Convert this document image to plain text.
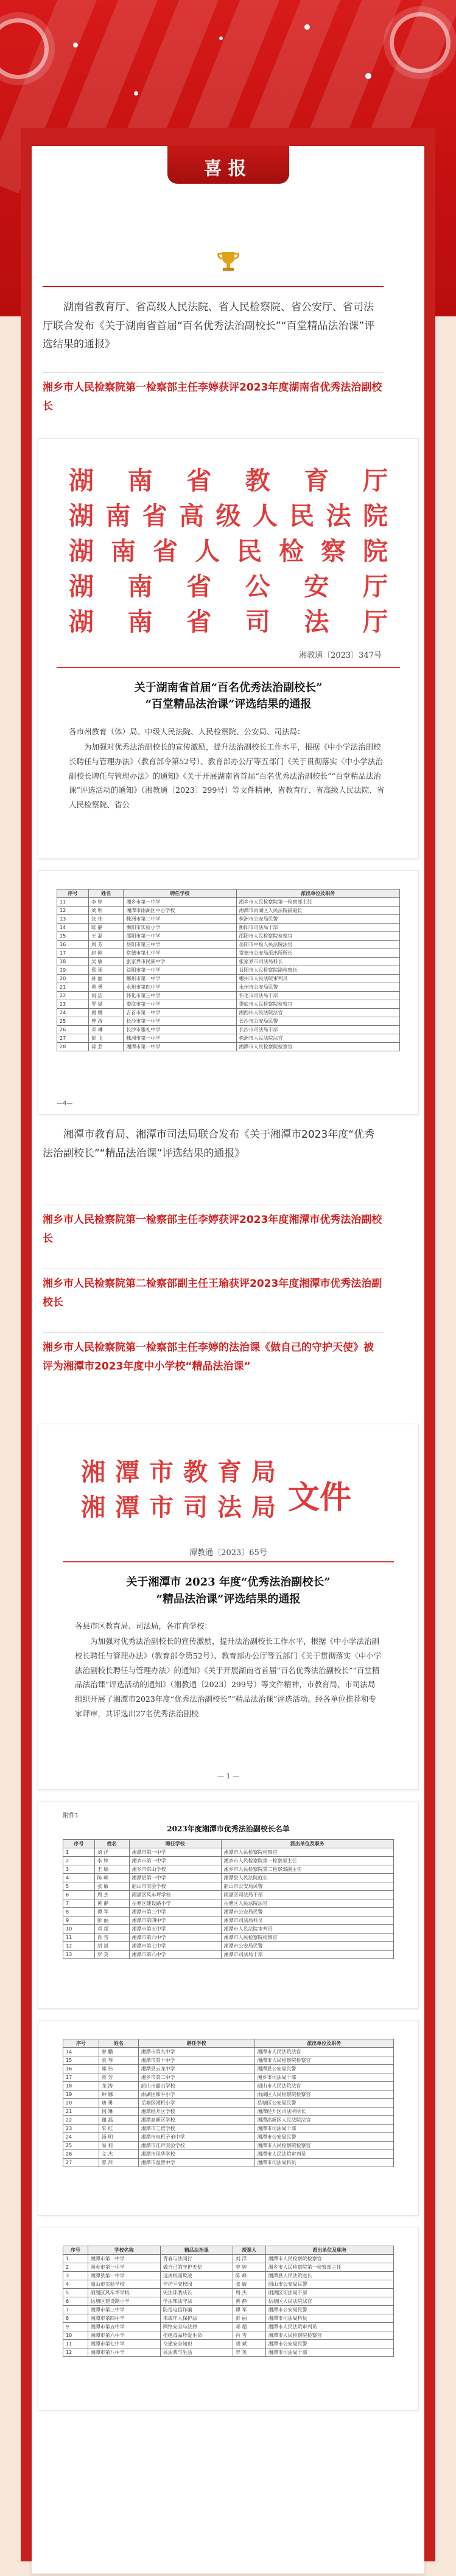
喜报
湖南省教育厅、省高级人民法院、省人民检察院、省公安厅、省司法厅联合发布《关于湖南省首届“百名优秀法治副校长”“百堂精品法治课”评选结果的通报》
湘乡市人民检察院第一检察部主任李婷获评2023年度湖南省优秀法治副校长
湖 南 省 教 育 厅
湖南省高级人民法院
湖南省人民检察院
湖 南 省 公 安 厅
湖 南 省 司 法 厅
湘教通〔2023〕347号
关于湖南省首届“百名优秀法治副校长”
“百堂精品法治课”评选结果的通报
各市州教育（体）局、中级人民法院、人民检察院、公安局、司法局：
为加强对优秀法治副校长的宣传激励，提升法治副校长工作水平，根据《中小学法治副校长聘任与管理办法》（教育部令第52号）、教育部办公厅等五部门《关于贯彻落实〈中小学法治副校长聘任与管理办法〉的通知》《关于开展湖南省首届“百名优秀法治副校长”“百堂精品法治课”评选活动的通知》（湘教通〔2023〕299号）等文件精神，省教育厅、省高级人民法院、省人民检察院、省公
序号	姓名	聘任学校	派出单位及职务
11	李 婷	湘乡市第一中学	湘乡市人民检察院第一检察部主任
12	刘 明	湘潭市雨湖区中心学校	湘潭市雨湖区人民法院副庭长
13	张 伟	株洲市第二中学	株洲市公安局民警
14	陈 静	衡阳市实验小学	衡阳市司法局干部
15	王 磊	邵阳市第一中学	邵阳市人民检察院检察官
16	周 芳	岳阳市第三中学	岳阳市中级人民法院法官
17	赵 刚	常德市第七中学	常德市公安局派出所所长
18	吴 敏	张家界市民族中学	张家界市司法局科长
19	郑 强	益阳市第一中学	益阳市人民检察院副检察长
20	孙 丽	郴州市第一中学	郴州市人民法院审判员
21	黄 勇	永州市第四中学	永州市公安局民警
22	何 洁	怀化市第三中学	怀化市司法局干部
23	罗 斌	娄底市第一中学	娄底市人民检察院检察官
24	谢 娜	吉首市第一中学	湘西州人民法院法官
25	曾 涛	长沙市第一中学	长沙市公安局民警
26	邓 琳	长沙市雅礼中学	长沙市司法局干部
27	彭 飞	株洲市第一中学	株洲市人民法院法官
28	蒋 芸	湘潭市第一中学	湘潭市人民检察院检察官
—4—
湘潭市教育局、湘潭市司法局联合发布《关于湘潭市2023年度“优秀法治副校长”“精品法治课”评选结果的通报》
湘乡市人民检察院第一检察部主任李婷获评2023年度湘潭市优秀法治副校长
湘乡市人民检察院第二检察部副主任王瑜获评2023年度湘潭市优秀法治副校长
湘乡市人民检察院第一检察部主任李婷的法治课《做自己的守护天使》被评为湘潭市2023年度中小学校“精品法治课”
湘潭市教育局
湘潭市司法局 文件
潭教通〔2023〕65号
关于湘潭市 2023 年度“优秀法治副校长”
“精品法治课”评选结果的通报
各县市区教育局、司法局，各市直学校：
为加强对优秀法治副校长的宣传激励，提升法治副校长工作水平，根据《中小学法治副校长聘任与管理办法》（教育部令第52号）、教育部办公厅等五部门《关于贯彻落实〈中小学法治副校长聘任与管理办法〉的通知》《关于开展湖南省首届“百名优秀法治副校长”“百堂精品法治课”评选活动的通知》（湘教通〔2023〕299号）等文件精神，市教育局、市司法局组织开展了湘潭市2023年度“优秀法治副校长”“精品法治课”评选活动。经各单位推荐和专家评审，共评选出27名优秀法治副校
— 1 —
附件1
2023年度湘潭市优秀法治副校长名单
序号	姓名	聘任学校	派出单位及职务
1	刘 洋	湘潭市第一中学	湘潭市人民检察院检察官
2	李 婷	湘乡市第一中学	湘乡市人民检察院第一检察部主任
3	王 瑜	湘乡市东山学校	湘乡市人民检察院第二检察部副主任
4	陈 峰	湘潭县第一中学	湘潭县人民法院庭长
5	张 敏	韶山市实验学校	韶山市公安局民警
6	周 杰	雨湖区风车坪学校	雨湖区司法局干部
7	黄 静	岳塘区建设路小学	岳塘区人民法院法官
8	谭 军	湘潭市第三中学	湘潭市公安局民警
9	彭 丽	湘潭市第四中学	湘潭市司法局科员
10	邓 超	湘潭市第五中学	湘潭市人民法院审判员
11	肖 雪	湘潭市第六中学	湘潭市人民检察院检察官
12	胡 斌	湘潭市第七中学	湘潭市公安局民警
13	罗 英	湘潭市第八中学	湘潭市司法局干部
序号	姓名	聘任学校	派出单位及职务
14	曾 鹏	湘潭市第九中学	湘潭市人民法院法官
15	袁 琴	湘潭市第十中学	湘潭市人民检察院检察官
16	熊 伟	湘潭县云龙中学	湘潭县公安局民警
17	蒋 芳	湘乡市第二中学	湘乡市司法局干部
18	龙 涛	韶山市韶山学校	韶山市人民法院法官
19	钟 娜	雨湖区和平小学	雨湖区人民检察院检察官
20	唐 勇	岳塘区湘机小学	岳塘区公安局民警
21	何 琳	湘潭经开区学校	湘潭经开区司法所所长
22	谢 磊	湘潭高新区学校	湘潭高新区人民法院法官
23	朱 红	湘潭市工贸学校	湘潭市司法局干部
24	汤 明	湘潭市电机子弟中学	湘潭市公安局民警
25	易 莉	湘潭市江声实验学校	湘潭市人民检察院检察官
26	文 杰	湘潭市风华学校	湘潭市人民法院审判员
27	廖 萍	湘潭市益智中学	湘潭市司法局科员
序号	学校名称	精品法治课	授课人	派出单位及职务
1	湘潭市第一中学	青春与法同行	刘 洋	湘潭市人民检察院检察官
2	湘乡市第一中学	做自己的守护天使	李 婷	湘乡市人民检察院第一检察部主任
3	湘潭县第一中学	远离校园欺凌	陈 峰	湘潭县人民法院庭长
4	韶山市实验学校	守护平安校园	张 敏	韶山市公安局民警
5	雨湖区风车坪学校	宪法伴我成长	周 杰	雨湖区司法局干部
6	岳塘区建设路小学	学法知法守法	黄 静	岳塘区人民法院法官
7	湘潭市第三中学	防范电信诈骗	谭 军	湘潭市公安局民警
8	湘潭市第四中学	未成年人保护法	彭 丽	湘潭市司法局科员
9	湘潭市第五中学	网络安全与法律	邓 超	湘潭市人民法院审判员
10	湘潭市第六中学	拒绝毒品珍爱生命	肖 雪	湘潭市人民检察院检察官
11	湘潭市第七中学	交通安全知识	胡 斌	湘潭市公安局民警
12	湘潭市第八中学	民法典与生活	罗 英	湘潭市司法局干部
